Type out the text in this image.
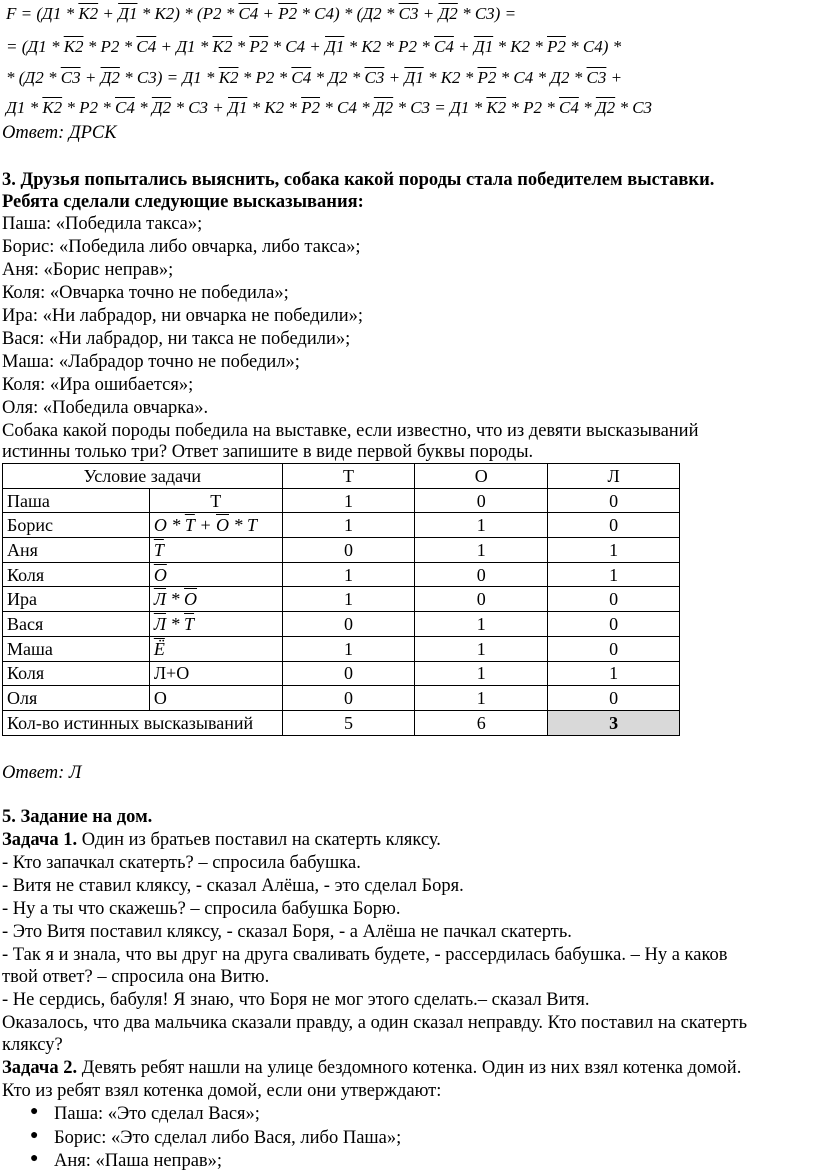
F = (Д1 * К2 + Д1 * К2) * (Р2 * С4 + Р2 * С4) * (Д2 * С3 + Д2 * С3) =
= (Д1 * К2 * Р2 * С4 + Д1 * К2 * Р2 * С4 + Д1 * К2 * Р2 * С4 + Д1 * К2 * Р2 * С4) *
* (Д2 * С3 + Д2 * С3) = Д1 * К2 * Р2 * С4 * Д2 * С3 + Д1 * К2 * Р2 * С4 * Д2 * С3 +
Д1 * К2 * Р2 * С4 * Д2 * С3 + Д1 * К2 * Р2 * С4 * Д2 * С3 = Д1 * К2 * Р2 * С4 * Д2 * С3
Ответ: ДРСК
3. Друзья попытались выяснить, собака какой породы стала победителем выставки.
Ребята сделали следующие высказывания:
Паша: «Победила такса»;
Борис: «Победила либо овчарка, либо такса»;
Аня: «Борис неправ»;
Коля: «Овчарка точно не победила»;
Ира: «Ни лабрадор, ни овчарка не победили»;
Вася: «Ни лабрадор, ни такса не победили»;
Маша: «Лабрадор точно не победил»;
Коля: «Ира ошибается»;
Оля: «Победила овчарка».
Собака какой породы победила на выставке, если известно, что из девяти высказываний
истинны только три? Ответ запишите в виде первой буквы породы.
Условие задачи		Т	О	Л
Паша	Т	1	0	0
Борис	О * Т + О * Т	1	1	0
Аня	Т	0	1	1
Коля	О	1	0	1
Ира	Л * О	1	0	0
Вася	Л * Т	0	1	0
Маша	Ё	1	1	0
Коля	Л+О	0	1	1
Оля	О	0	1	0
Кол-во истинных высказываний		5	6	3
Ответ: Л
5. Задание на дом.
Задача 1. Один из братьев поставил на скатерть кляксу.
- Кто запачкал скатерть? – спросила бабушка.
- Витя не ставил кляксу, - сказал Алёша, - это сделал Боря.
- Ну а ты что скажешь? – спросила бабушка Борю.
- Это Витя поставил кляксу, - сказал Боря, - а Алёша не пачкал скатерть.
- Так я и знала, что вы друг на друга сваливать будете, - рассердилась бабушка. – Ну а каков
твой ответ? – спросила она Витю.
- Не сердись, бабуля! Я знаю, что Боря не мог этого сделать.– сказал Витя.
Оказалось, что два мальчика сказали правду, а один сказал неправду. Кто поставил на скатерть
кляксу?
Задача 2. Девять ребят нашли на улице бездомного котенка. Один из них взял котенка домой.
Кто из ребят взял котенка домой, если они утверждают:
● Паша: «Это сделал Вася»;
● Борис: «Это сделал либо Вася, либо Паша»;
● Аня: «Паша неправ»;
